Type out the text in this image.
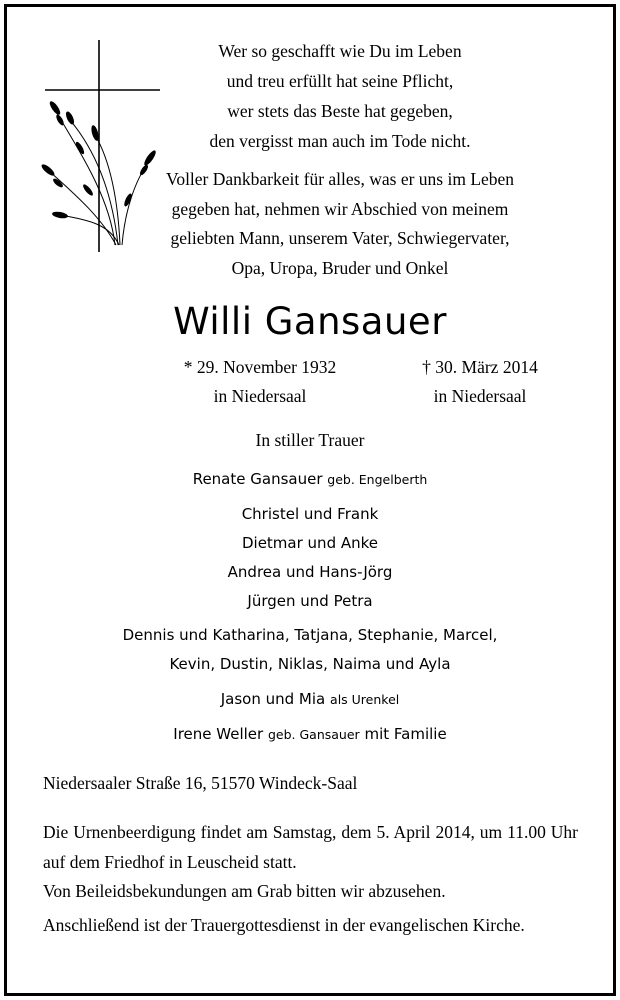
Wer so geschafft wie Du im Leben
und treu erfüllt hat seine Pflicht,
wer stets das Beste hat gegeben,
den vergisst man auch im Tode nicht.
Voller Dankbarkeit für alles, was er uns im Leben
gegeben hat, nehmen wir Abschied von meinem
geliebten Mann, unserem Vater, Schwiegervater,
Opa, Uropa, Bruder und Onkel
Willi Gansauer
* 29. November 1932
in Niedersaal
† 30. März 2014
in Niedersaal
In stiller Trauer
Renate Gansauer geb. Engelberth
Christel und Frank
Dietmar und Anke
Andrea und Hans-Jörg
Jürgen und Petra
Dennis und Katharina, Tatjana, Stephanie, Marcel,
Kevin, Dustin, Niklas, Naima und Ayla
Jason und Mia als Urenkel
Irene Weller geb. Gansauer mit Familie
Niedersaaler Straße 16, 51570 Windeck-Saal
Die Urnenbeerdigung findet am Samstag, dem 5. April 2014, um 11.00 Uhr auf dem Friedhof in Leuscheid statt.
Von Beileidsbekundungen am Grab bitten wir abzusehen.
Anschließend ist der Trauergottesdienst in der evangelischen Kirche.
